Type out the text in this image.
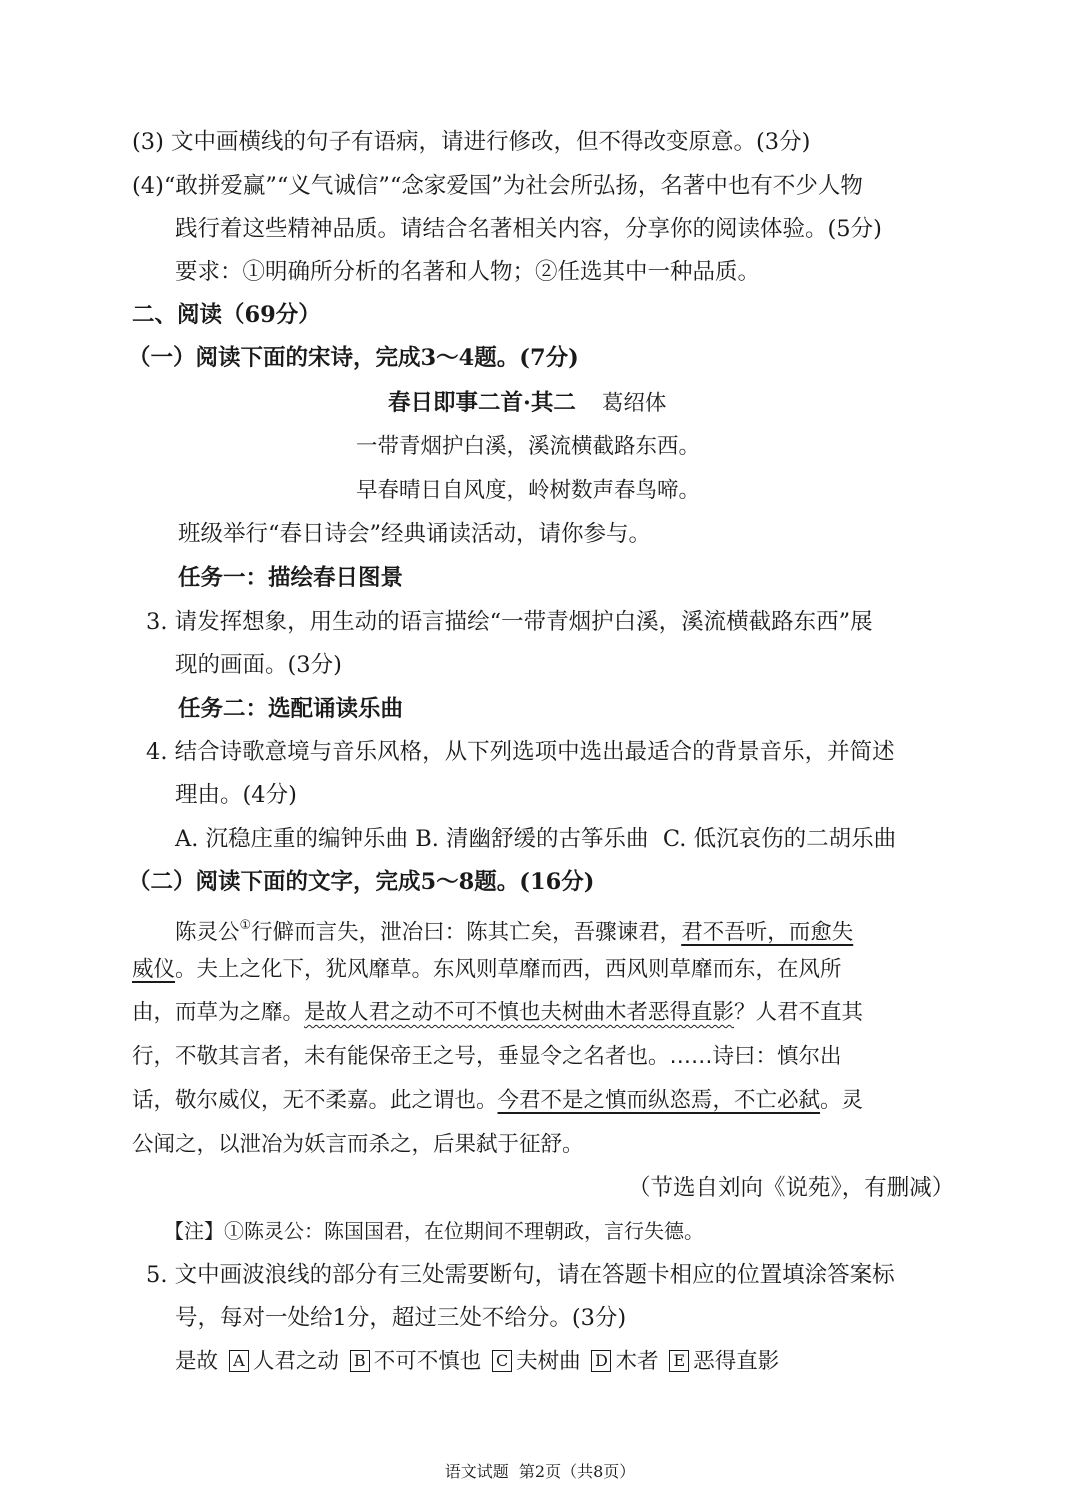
(3) 文中画横线的句子有语病，请进行修改，但不得改变原意。(3分)
(4)“敢拼爱赢”“义气诚信”“念家爱国”为社会所弘扬，名著中也有不少人物
践行着这些精神品质。请结合名著相关内容，分享你的阅读体验。(5分)
要求：①明确所分析的名著和人物；②任选其中一种品质。
二、阅读（69分）
（一）阅读下面的宋诗，完成3～4题。(7分)
春日即事二首·其二 葛绍体
一带青烟护白溪，溪流横截路东西。
早春晴日自风度，岭树数声春鸟啼。
班级举行“春日诗会”经典诵读活动，请你参与。
任务一：描绘春日图景
3. 请发挥想象，用生动的语言描绘“一带青烟护白溪，溪流横截路东西”展
现的画面。(3分)
任务二：选配诵读乐曲
4. 结合诗歌意境与音乐风格，从下列选项中选出最适合的背景音乐，并简述
理由。(4分)
A. 沉稳庄重的编钟乐曲 B. 清幽舒缓的古筝乐曲  C. 低沉哀伤的二胡乐曲
（二）阅读下面的文字，完成5～8题。(16分)
陈灵公①行僻而言失，泄冶曰：陈其亡矣，吾骤谏君，君不吾听，而愈失
威仪。夫上之化下，犹风靡草。东风则草靡而西，西风则草靡而东，在风所
由，而草为之靡。是故人君之动不可不慎也夫树曲木者恶得直影？人君不直其
行，不敬其言者，未有能保帝王之号，垂显令之名者也。……诗曰：慎尔出
话，敬尔威仪，无不柔嘉。此之谓也。今君不是之慎而纵恣焉，不亡必弑。灵
公闻之，以泄冶为妖言而杀之，后果弑于征舒。
（节选自刘向《说苑》，有删减）
【注】①陈灵公：陈国国君，在位期间不理朝政，言行失德。
5. 文中画波浪线的部分有三处需要断句，请在答题卡相应的位置填涂答案标
号，每对一处给1分，超过三处不给分。(3分)
是故 A 人君之动 B 不可不慎也 C 夫树曲 D 木者 E 恶得直影
语文试题  第2页（共8页）
